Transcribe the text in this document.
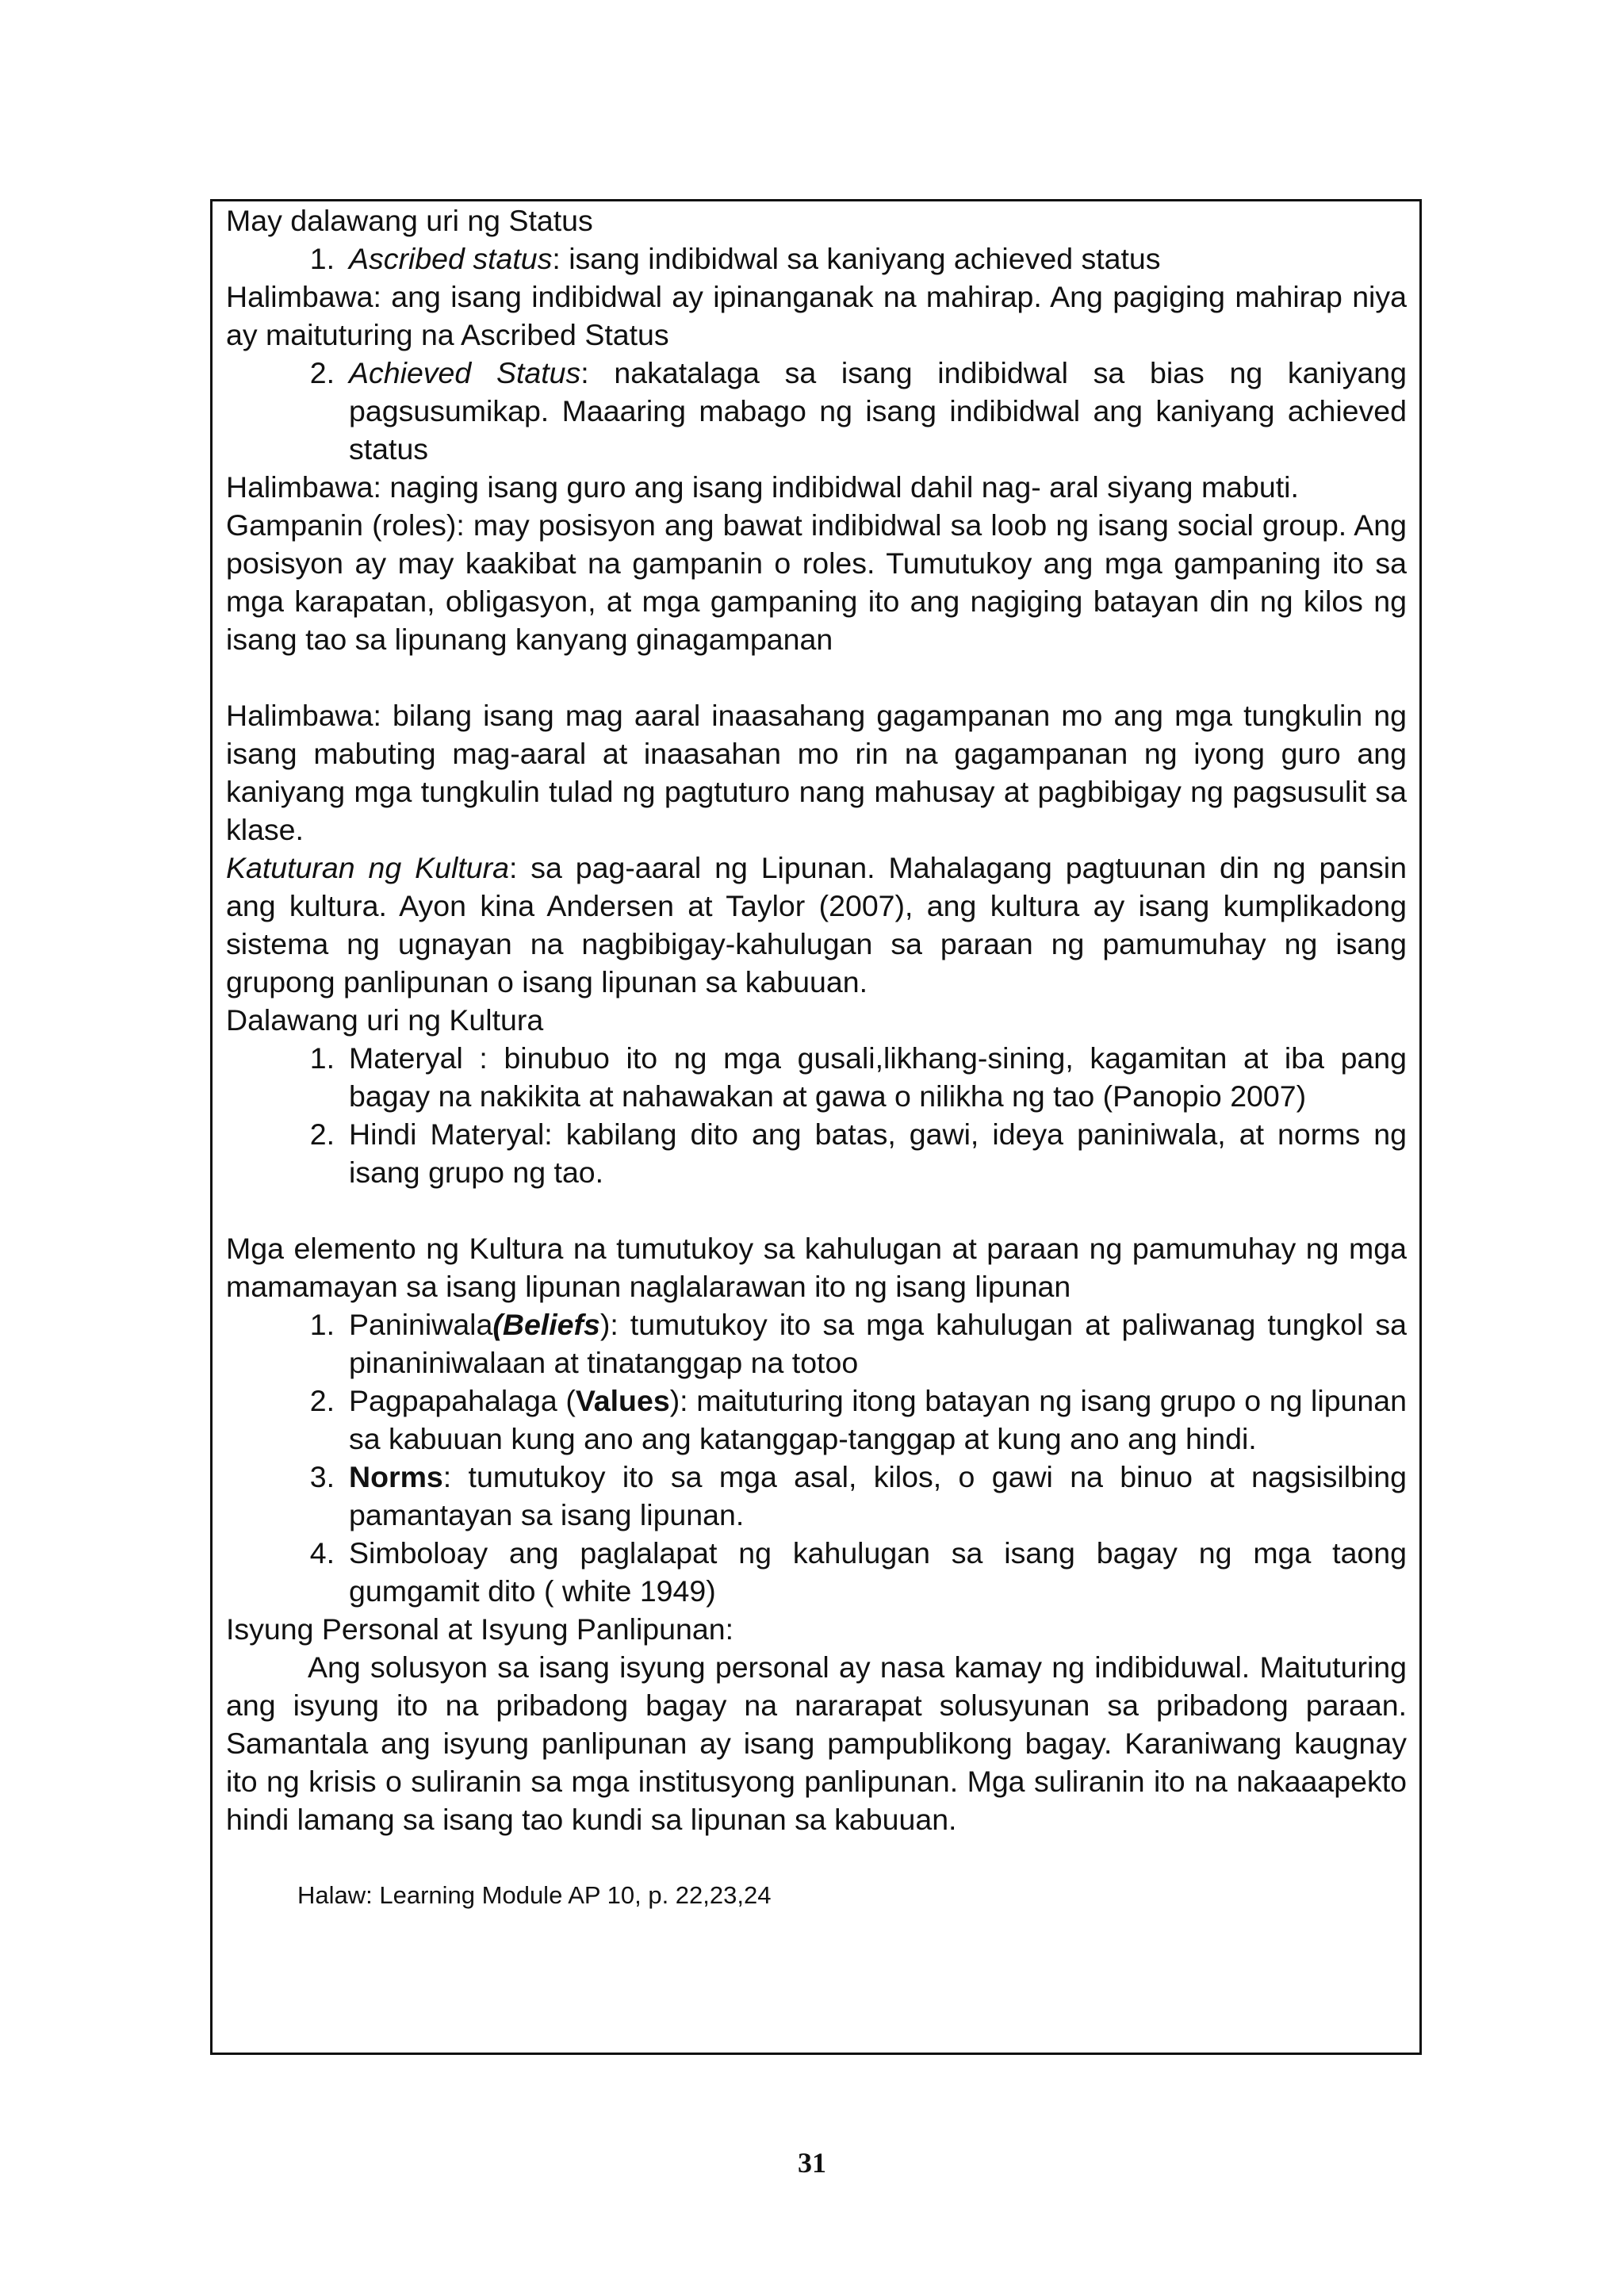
May dalawang uri ng Status

1. Ascribed status: isang indibidwal sa kaniyang achieved status

Halimbawa: ang isang indibidwal ay ipinanganak na mahirap. Ang pagiging mahirap niya ay maituturing na Ascribed Status

2. Achieved Status: nakatalaga sa isang indibidwal sa bias ng kaniyang pagsusumikap. Maaaring mabago ng isang indibidwal ang kaniyang achieved status

Halimbawa: naging isang guro ang isang indibidwal dahil nag- aral siyang mabuti.

Gampanin (roles): may posisyon ang bawat indibidwal sa loob ng isang social group. Ang posisyon ay may kaakibat na gampanin o roles. Tumutukoy ang mga gampaning ito sa mga karapatan, obligasyon, at mga gampaning ito ang nagiging batayan din ng kilos ng isang tao sa lipunang kanyang ginagampanan

Halimbawa: bilang isang mag aaral inaasahang gagampanan mo ang mga tungkulin ng isang mabuting mag-aaral at inaasahan mo rin na gagampanan ng iyong guro ang kaniyang mga tungkulin tulad ng pagtuturo nang mahusay at pagbibigay ng pagsusulit sa klase.

Katuturan ng Kultura: sa pag-aaral ng Lipunan. Mahalagang pagtuunan din ng pansin ang kultura. Ayon kina Andersen at Taylor (2007), ang kultura ay isang kumplikadong sistema ng ugnayan na nagbibigay-kahulugan sa paraan ng pamumuhay ng isang grupong panlipunan o isang lipunan sa kabuuan.

Dalawang uri ng Kultura

1. Materyal : binubuo ito ng mga gusali,likhang-sining, kagamitan at iba pang bagay na nakikita at nahawakan at gawa o nilikha ng tao (Panopio 2007)
2. Hindi Materyal: kabilang dito ang batas, gawi, ideya paniniwala, at norms ng isang grupo ng tao.

Mga elemento ng Kultura na tumutukoy sa kahulugan at paraan ng pamumuhay ng mga mamamayan sa isang lipunan naglalarawan ito ng isang lipunan

1. Paniniwala(Beliefs): tumutukoy ito sa mga kahulugan at paliwanag tungkol sa pinaniniwalaan at tinatanggap na totoo
2. Pagpapahalaga (Values): maituturing itong batayan ng isang grupo o ng lipunan sa kabuuan kung ano ang katanggap-tanggap at kung ano ang hindi.
3. Norms: tumutukoy ito sa mga asal, kilos, o gawi na binuo at nagsisilbing pamantayan sa isang lipunan.
4. Simboloay ang paglalapat ng kahulugan sa isang bagay ng mga taong gumgamit dito ( white 1949)

Isyung Personal at Isyung Panlipunan:

Ang solusyon sa isang isyung personal ay nasa kamay ng indibiduwal. Maituturing ang isyung ito na pribadong bagay na nararapat solusyunan sa pribadong paraan. Samantala ang isyung panlipunan ay isang pampublikong bagay. Karaniwang kaugnay ito ng krisis o suliranin sa mga institusyong panlipunan. Mga suliranin ito na nakaaapekto hindi lamang sa isang tao kundi sa lipunan sa kabuuan.

Halaw: Learning Module AP 10, p. 22,23,24

31
